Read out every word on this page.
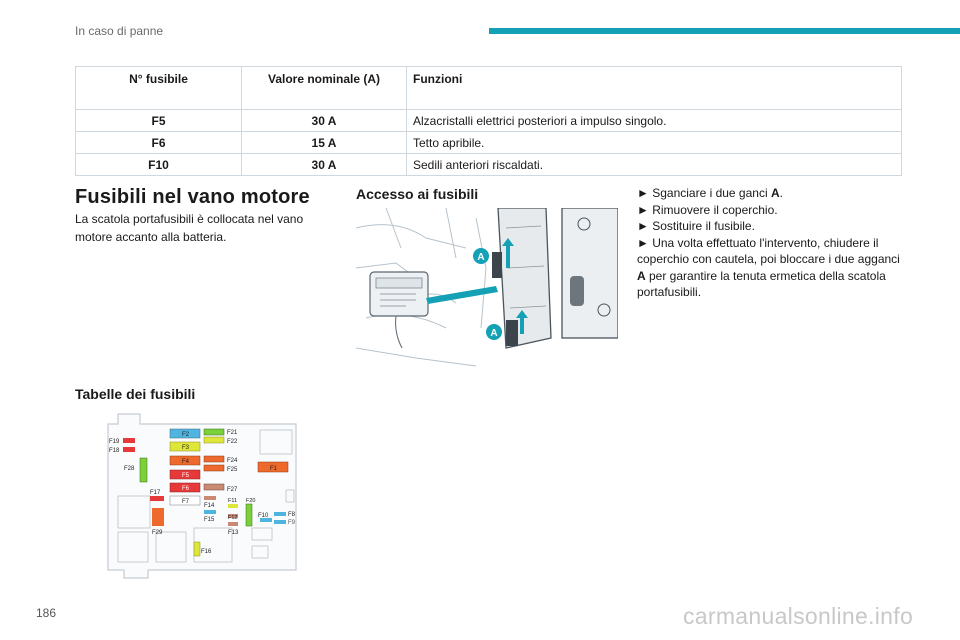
In caso di panne
N° fusibile	Valore nominale (A)	Funzioni
F5	30 A	Alzacristalli elettrici posteriori a impulso singolo.
F6	15 A	Tetto apribile.
F10	30 A	Sedili anteriori riscaldati.
Fusibili nel vano motore
La scatola portafusibili è collocata nel vano motore accanto alla batteria.
Tabelle dei fusibili
Accesso ai fusibili
A
A

► Sganciare i due ganci A.

► Rimuovere il coperchio.

► Sostituire il fusibile.

► Una volta effettuato l'intervento, chiudere il coperchio con cautela, poi bloccare i due agganci A per garantire la tenuta ermetica della scatola portafusibili.

F2
F3
F4
F5
F6
F7
F21
F22
F24
F25
F27
F19
F18
F28
F17
F29
F14
F15
F11 F20
F12
F13
F10	F8
F9
F1
F16
186	carmanualsonline.info
